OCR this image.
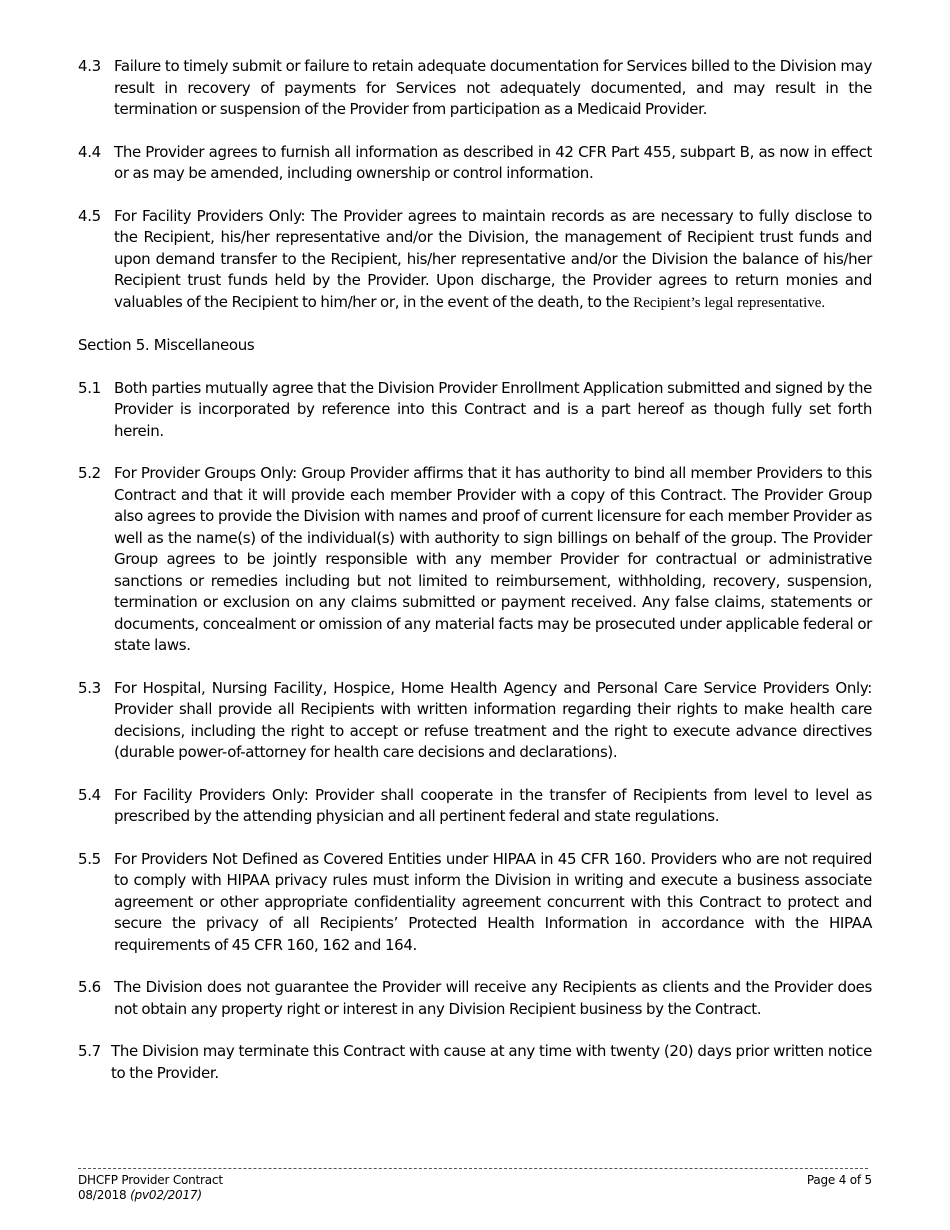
4.3 Failure to timely submit or failure to retain adequate documentation for Services billed to the Division may result in recovery of payments for Services not adequately documented, and may result in the termination or suspension of the Provider from participation as a Medicaid Provider.
4.4 The Provider agrees to furnish all information as described in 42 CFR Part 455, subpart B, as now in effect or as may be amended, including ownership or control information.
4.5 For Facility Providers Only: The Provider agrees to maintain records as are necessary to fully disclose to the Recipient, his/her representative and/or the Division, the management of Recipient trust funds and upon demand transfer to the Recipient, his/her representative and/or the Division the balance of his/her Recipient trust funds held by the Provider. Upon discharge, the Provider agrees to return monies and valuables of the Recipient to him/her or, in the event of the death, to the Recipient’s legal representative.
Section 5. Miscellaneous
5.1 Both parties mutually agree that the Division Provider Enrollment Application submitted and signed by the Provider is incorporated by reference into this Contract and is a part hereof as though fully set forth herein.
5.2 For Provider Groups Only: Group Provider affirms that it has authority to bind all member Providers to this Contract and that it will provide each member Provider with a copy of this Contract. The Provider Group also agrees to provide the Division with names and proof of current licensure for each member Provider as well as the name(s) of the individual(s) with authority to sign billings on behalf of the group. The Provider Group agrees to be jointly responsible with any member Provider for contractual or administrative sanctions or remedies including but not limited to reimbursement, withholding, recovery, suspension, termination or exclusion on any claims submitted or payment received. Any false claims, statements or documents, concealment or omission of any material facts may be prosecuted under applicable federal or state laws.
5.3 For Hospital, Nursing Facility, Hospice, Home Health Agency and Personal Care Service Providers Only: Provider shall provide all Recipients with written information regarding their rights to make health care decisions, including the right to accept or refuse treatment and the right to execute advance directives (durable power-of-attorney for health care decisions and declarations).
5.4 For Facility Providers Only: Provider shall cooperate in the transfer of Recipients from level to level as prescribed by the attending physician and all pertinent federal and state regulations.
5.5 For Providers Not Defined as Covered Entities under HIPAA in 45 CFR 160. Providers who are not required to comply with HIPAA privacy rules must inform the Division in writing and execute a business associate agreement or other appropriate confidentiality agreement concurrent with this Contract to protect and secure the privacy of all Recipients’ Protected Health Information in accordance with the HIPAA requirements of 45 CFR 160, 162 and 164.
5.6 The Division does not guarantee the Provider will receive any Recipients as clients and the Provider does not obtain any property right or interest in any Division Recipient business by the Contract.
5.7 The Division may terminate this Contract with cause at any time with twenty (20) days prior written notice to the Provider.
DHCFP Provider Contract	Page 4 of 5
08/2018 (pv02/2017)
